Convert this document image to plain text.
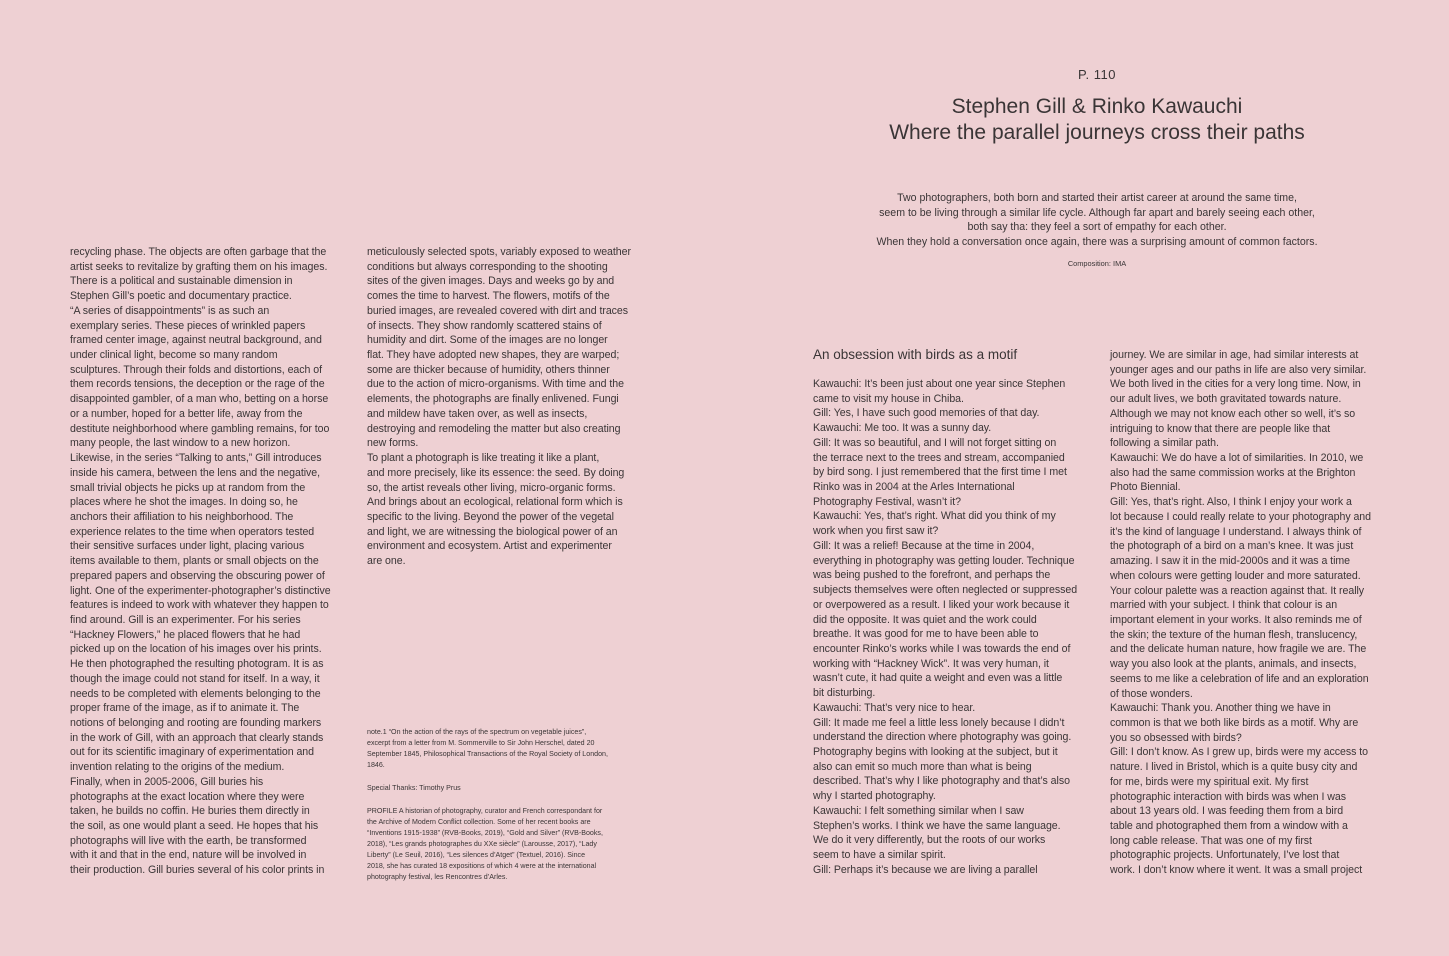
recycling phase. The objects are often garbage that the
artist seeks to revitalize by grafting them on his images.
There is a political and sustainable dimension in
Stephen Gill’s poetic and documentary practice.
“A series of disappointments” is as such an
exemplary series. These pieces of wrinkled papers
framed center image, against neutral background, and
under clinical light, become so many random
sculptures. Through their folds and distortions, each of
them records tensions, the deception or the rage of the
disappointed gambler, of a man who, betting on a horse
or a number, hoped for a better life, away from the
destitute neighborhood where gambling remains, for too
many people, the last window to a new horizon.
Likewise, in the series “Talking to ants,” Gill introduces
inside his camera, between the lens and the negative,
small trivial objects he picks up at random from the
places where he shot the images. In doing so, he
anchors their affiliation to his neighborhood. The
experience relates to the time when operators tested
their sensitive surfaces under light, placing various
items available to them, plants or small objects on the
prepared papers and observing the obscuring power of
light. One of the experimenter-photographer’s distinctive
features is indeed to work with whatever they happen to
find around. Gill is an experimenter. For his series
“Hackney Flowers,” he placed flowers that he had
picked up on the location of his images over his prints.
He then photographed the resulting photogram. It is as
though the image could not stand for itself. In a way, it
needs to be completed with elements belonging to the
proper frame of the image, as if to animate it. The
notions of belonging and rooting are founding markers
in the work of Gill, with an approach that clearly stands
out for its scientific imaginary of experimentation and
invention relating to the origins of the medium.
Finally, when in 2005-2006, Gill buries his
photographs at the exact location where they were
taken, he builds no coffin. He buries them directly in
the soil, as one would plant a seed. He hopes that his
photographs will live with the earth, be transformed
with it and that in the end, nature will be involved in
their production. Gill buries several of his color prints in
meticulously selected spots, variably exposed to weather
conditions but always corresponding to the shooting
sites of the given images. Days and weeks go by and
comes the time to harvest. The flowers, motifs of the
buried images, are revealed covered with dirt and traces
of insects. They show randomly scattered stains of
humidity and dirt. Some of the images are no longer
flat. They have adopted new shapes, they are warped;
some are thicker because of humidity, others thinner
due to the action of micro-organisms. With time and the
elements, the photographs are finally enlivened. Fungi
and mildew have taken over, as well as insects,
destroying and remodeling the matter but also creating
new forms.
To plant a photograph is like treating it like a plant,
and more precisely, like its essence: the seed. By doing
so, the artist reveals other living, micro-organic forms.
And brings about an ecological, relational form which is
specific to the living. Beyond the power of the vegetal
and light, we are witnessing the biological power of an
environment and ecosystem. Artist and experimenter
are one.

note.1 “On the action of the rays of the spectrum on vegetable juices”,
excerpt from a letter from M. Sommerville to Sir John Herschel, dated 20
September 1845, Philosophical Transactions of the Royal Society of London,
1846.

Special Thanks: Timothy Prus

PROFILE A historian of photography, curator and French correspondant for
the Archive of Modern Conflict collection. Some of her recent books are
“Inventions 1915-1938” (RVB-Books, 2019), “Gold and Silver” (RVB-Books,
2018), “Les grands photographes du XXe siècle” (Larousse, 2017), “Lady
Liberty” (Le Seuil, 2016), “Les silences d’Atget” (Textuel, 2016). Since
2018, she has curated 18 expositions of which 4 were at the international
photography festival, les Rencontres d’Arles.

P. 110
Stephen Gill & Rinko Kawauchi
Where the parallel journeys cross their paths
Two photographers, both born and started their artist career at around the same time,
seem to be living through a similar life cycle. Although far apart and barely seeing each other,
both say tha: they feel a sort of empathy for each other.
When they hold a conversation once again, there was a surprising amount of common factors.
Composition: IMA
An obsession with birds as a motif
Kawauchi: It’s been just about one year since Stephen
came to visit my house in Chiba.
Gill: Yes, I have such good memories of that day.
Kawauchi: Me too. It was a sunny day.
Gill: It was so beautiful, and I will not forget sitting on
the terrace next to the trees and stream, accompanied
by bird song. I just remembered that the first time I met
Rinko was in 2004 at the Arles International
Photography Festival, wasn’t it?
Kawauchi: Yes, that’s right. What did you think of my
work when you first saw it?
Gill: It was a relief! Because at the time in 2004,
everything in photography was getting louder. Technique
was being pushed to the forefront, and perhaps the
subjects themselves were often neglected or suppressed
or overpowered as a result. I liked your work because it
did the opposite. It was quiet and the work could
breathe. It was good for me to have been able to
encounter Rinko’s works while I was towards the end of
working with “Hackney Wick”. It was very human, it
wasn’t cute, it had quite a weight and even was a little
bit disturbing.
Kawauchi: That’s very nice to hear.
Gill: It made me feel a little less lonely because I didn’t
understand the direction where photography was going.
Photography begins with looking at the subject, but it
also can emit so much more than what is being
described. That’s why I like photography and that’s also
why I started photography.
Kawauchi: I felt something similar when I saw
Stephen’s works. I think we have the same language.
We do it very differently, but the roots of our works
seem to have a similar spirit.
Gill: Perhaps it’s because we are living a parallel
journey. We are similar in age, had similar interests at
younger ages and our paths in life are also very similar.
We both lived in the cities for a very long time. Now, in
our adult lives, we both gravitated towards nature.
Although we may not know each other so well, it’s so
intriguing to know that there are people like that
following a similar path.
Kawauchi: We do have a lot of similarities. In 2010, we
also had the same commission works at the Brighton
Photo Biennial.
Gill: Yes, that’s right. Also, I think I enjoy your work a
lot because I could really relate to your photography and
it’s the kind of language I understand. I always think of
the photograph of a bird on a man’s knee. It was just
amazing. I saw it in the mid-2000s and it was a time
when colours were getting louder and more saturated.
Your colour palette was a reaction against that. It really
married with your subject. I think that colour is an
important element in your works. It also reminds me of
the skin; the texture of the human flesh, translucency,
and the delicate human nature, how fragile we are. The
way you also look at the plants, animals, and insects,
seems to me like a celebration of life and an exploration
of those wonders.
Kawauchi: Thank you. Another thing we have in
common is that we both like birds as a motif. Why are
you so obsessed with birds?
Gill: I don’t know. As I grew up, birds were my access to
nature. I lived in Bristol, which is a quite busy city and
for me, birds were my spiritual exit. My first
photographic interaction with birds was when I was
about 13 years old. I was feeding them from a bird
table and photographed them from a window with a
long cable release. That was one of my first
photographic projects. Unfortunately, I’ve lost that
work. I don’t know where it went. It was a small project
